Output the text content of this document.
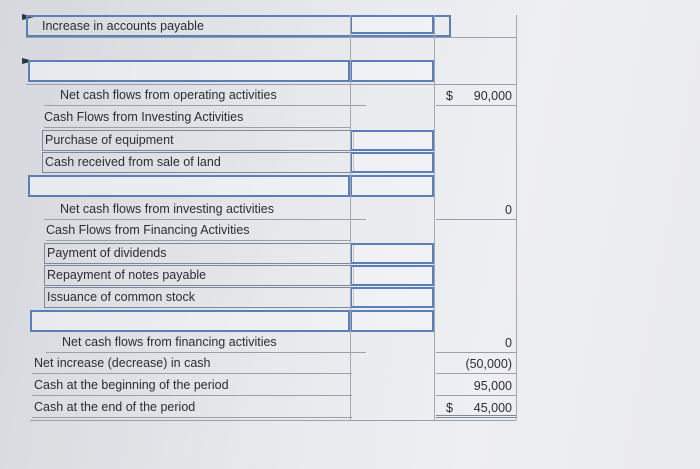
Increase in accounts payable
Net cash flows from operating activities	$	90,000
Cash Flows from Investing Activities
Purchase of equipment
Cash received from sale of land
Net cash flows from investing activities	0
Cash Flows from Financing Activities
Payment of dividends
Repayment of notes payable
Issuance of common stock
Net cash flows from financing activities	0
Net increase (decrease) in cash	(50,000)
Cash at the beginning of the period	95,000
Cash at the end of the period	$	45,000
